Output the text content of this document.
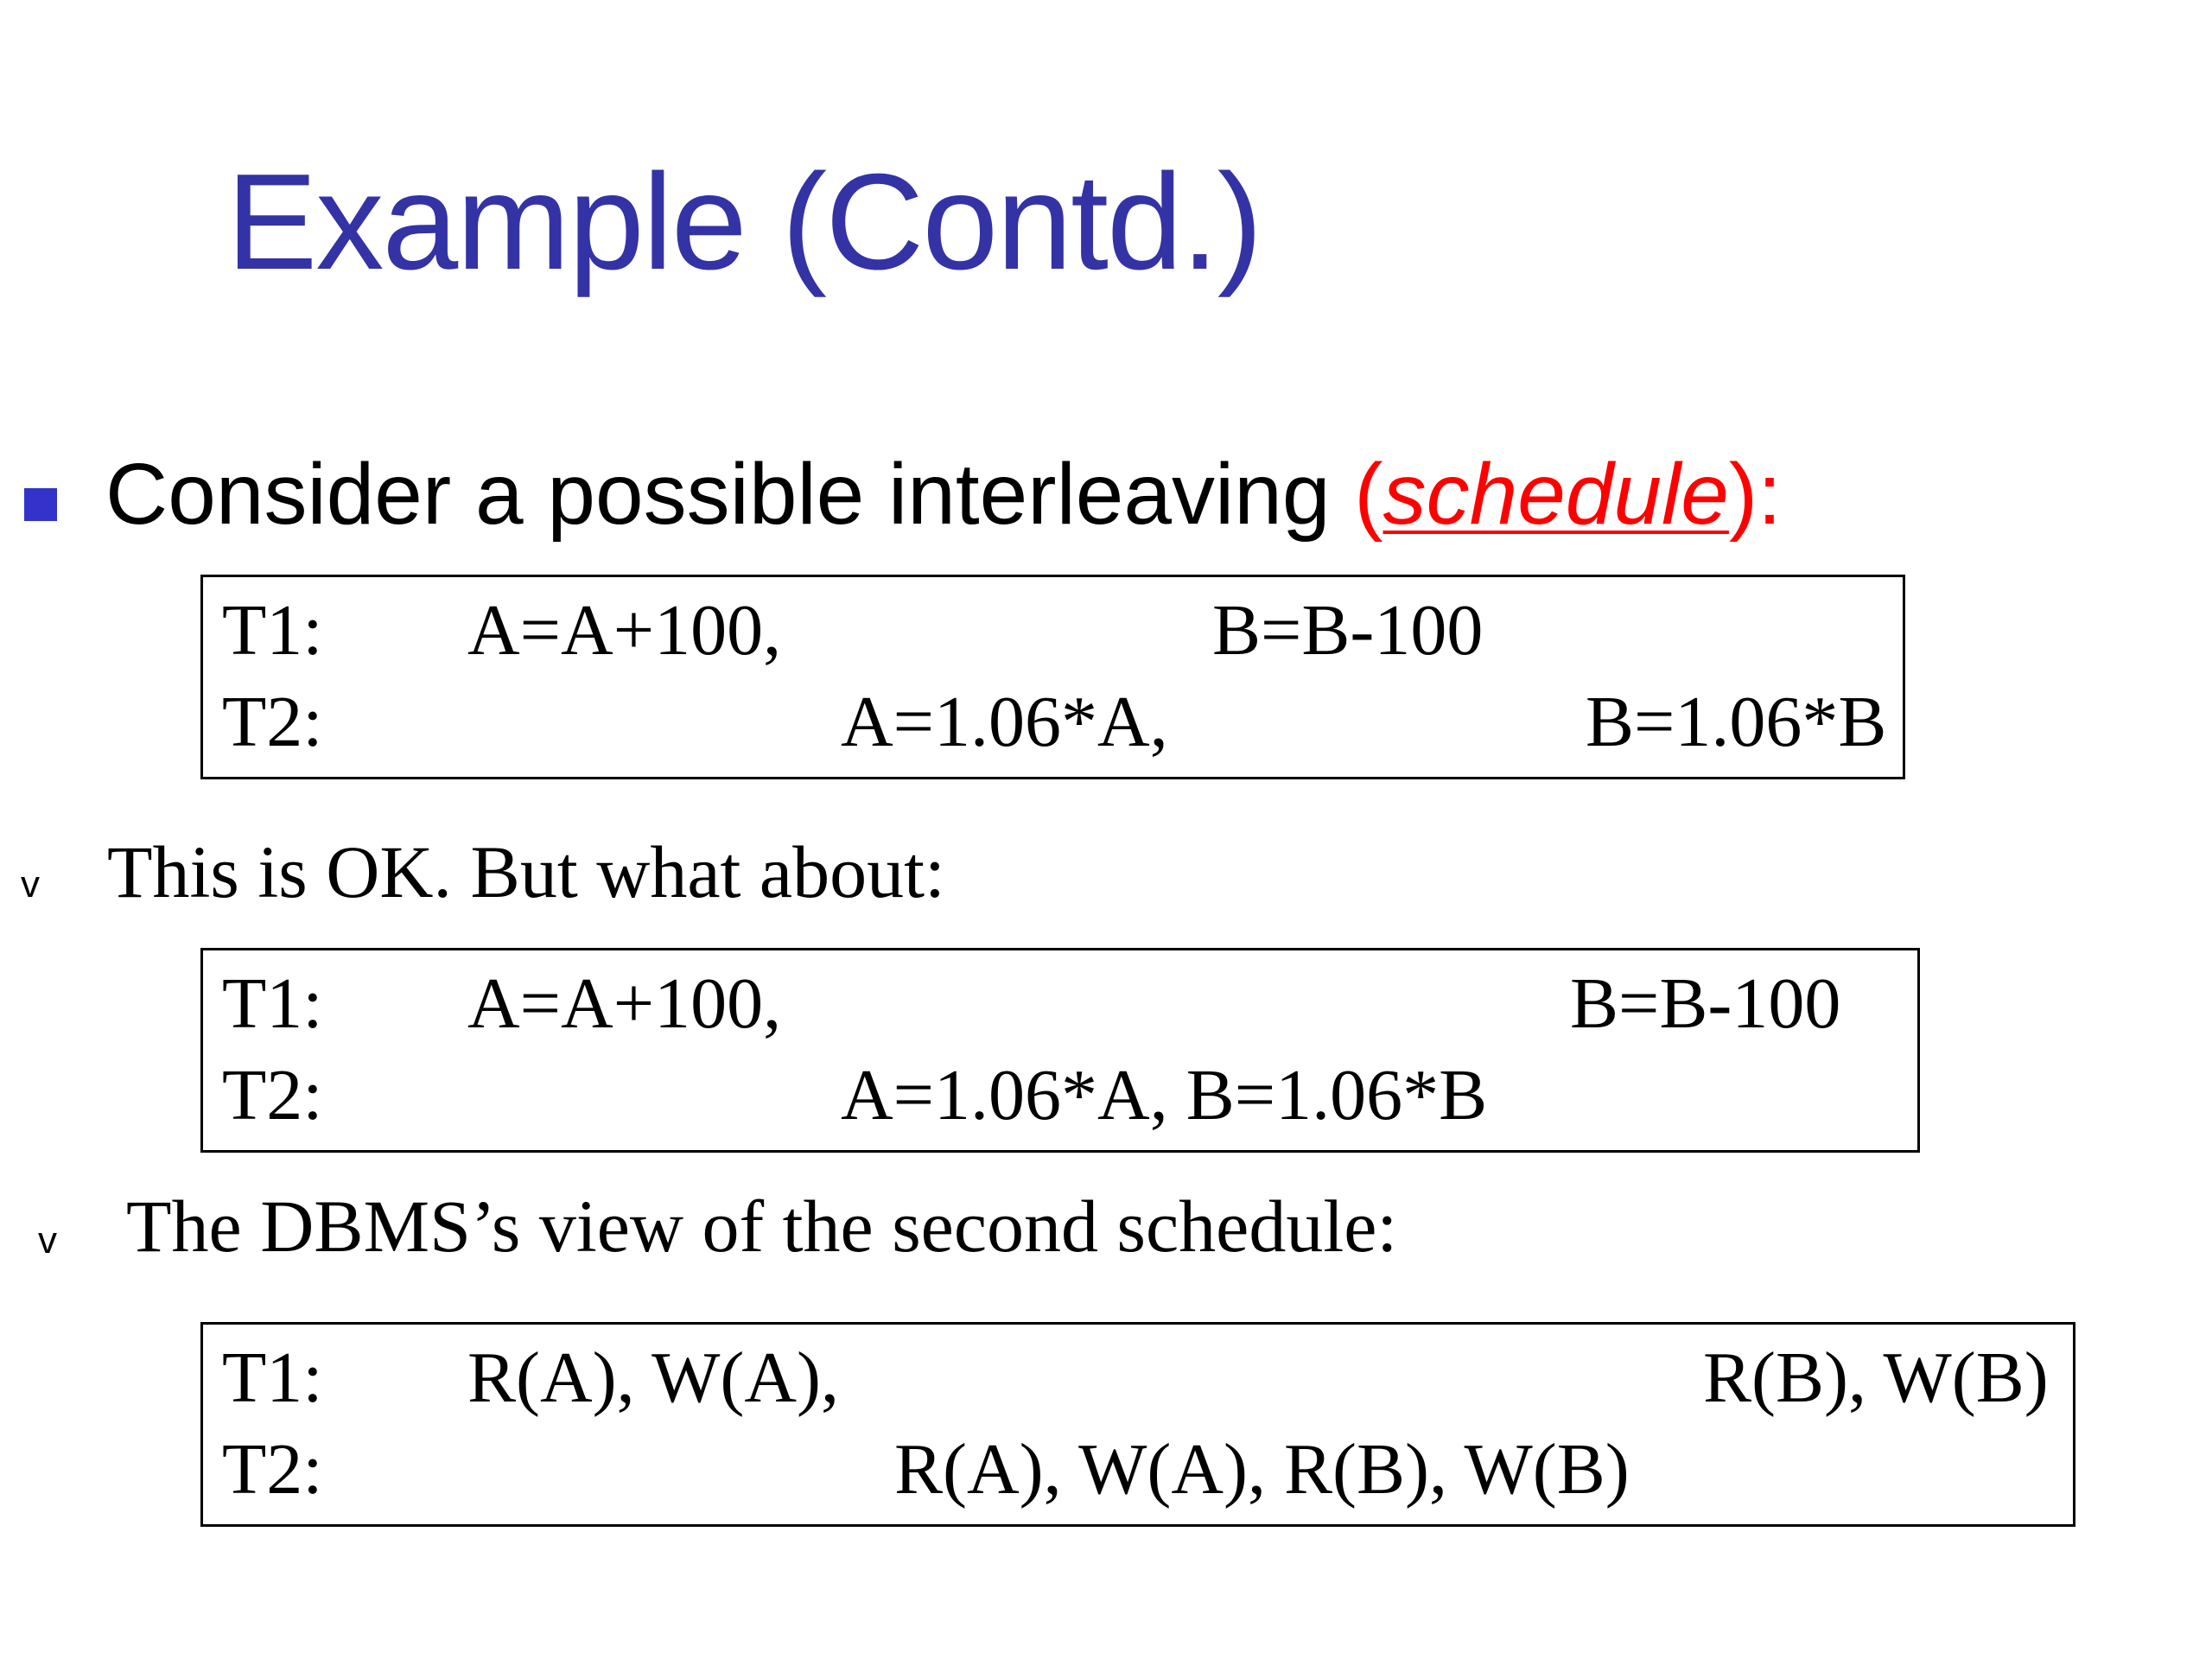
Example (Contd.)
Consider a possible interleaving (schedule):
T1: A=A+100,	B=B-100
T2:	A=1.06*A,	B=1.06*B
v This is OK. But what about:
T1: A=A+100,	B=B-100
T2:	A=1.06*A, B=1.06*B
v The DBMS’s view of the second schedule:
T1: R(A), W(A),	R(B), W(B)
T2:	R(A), W(A), R(B), W(B)
